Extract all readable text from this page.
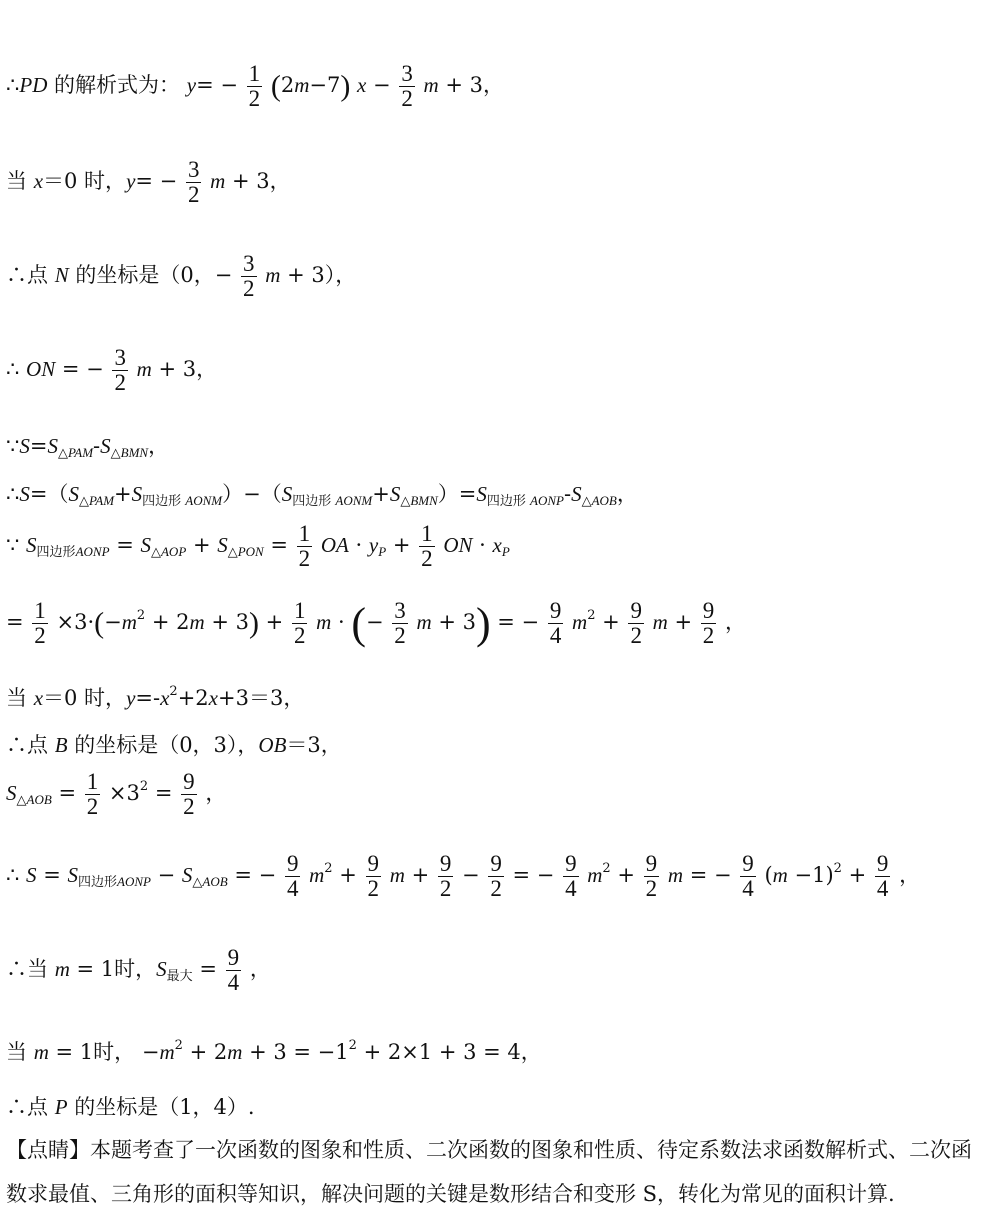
∴PD 的解析式为： $y= - \frac{1}{2} (2m-7) x - \frac{3}{2}$ m + 3，
当 x＝0 时，$y= - \frac{3}{2}$ m + 3，
∴点 N 的坐标是（0，− $\frac{3}{2}$ m + 3），
∴ ON = − $\frac{3}{2}$ m + 3，
$\because S=S_{\triangle PAM}-S_{\triangle BMN}$，
$\therefore S=(S_{\triangle PAM}+S_{四边形}$ $_{AONM})-(S_{四边形}$ $_{AONM}+S_{\triangle BMN})=S_{四边形}$ $_{AONP}-S_{\triangle AOB}$，
∵ $S_{四边形AONP} = S_{\triangle AOP} + S_{\triangle PON} = \frac{1}{2}$ OA · $y_P + \frac{1}{2}$ ON · $x_P$
= $\frac{1}{2} \times 3\cdot(-m^2 + 2m + 3) + \frac{1}{2}$ m · (− $\frac{3}{2}$ m + 3) = − $\frac{9}{4} m^2 + \frac{9}{2}$ $m + \frac{9}{2}$ ，
当 x＝0 时，$y=-x^2+2x+3=3$，
∴点 B 的坐标是（0，3），OB＝3，
$S_{\triangle AOB} = \frac{1}{2} \times 3^2 = \frac{9}{2}$ ，
∴ $S = S_{四边形AONP} - S_{\triangle AOB}$ = − $\frac{9}{4} m^2 + \frac{9}{2}$ $m + \frac{9}{2} - \frac{9}{2}$ = − $\frac{9}{4} m^2 + \frac{9}{2}$ m = − $\frac{9}{4} (m -1)^2 + \frac{9}{4}$ ，
∴当 m = 1时，$S_{最大} = \frac{9}{4}$ ，
当 m = 1时， $-m^2 + 2m + 3 = -1^2 + 2\times 1 + 3 = 4$，
∴点 P 的坐标是（1，4）.
【点睛】本题考查了一次函数的图象和性质、二次函数的图象和性质、待定系数法求函数解析式、二次函数求最值、三角形的面积等知识，解决问题的关键是数形结合和变形 S，转化为常见的面积计算.
